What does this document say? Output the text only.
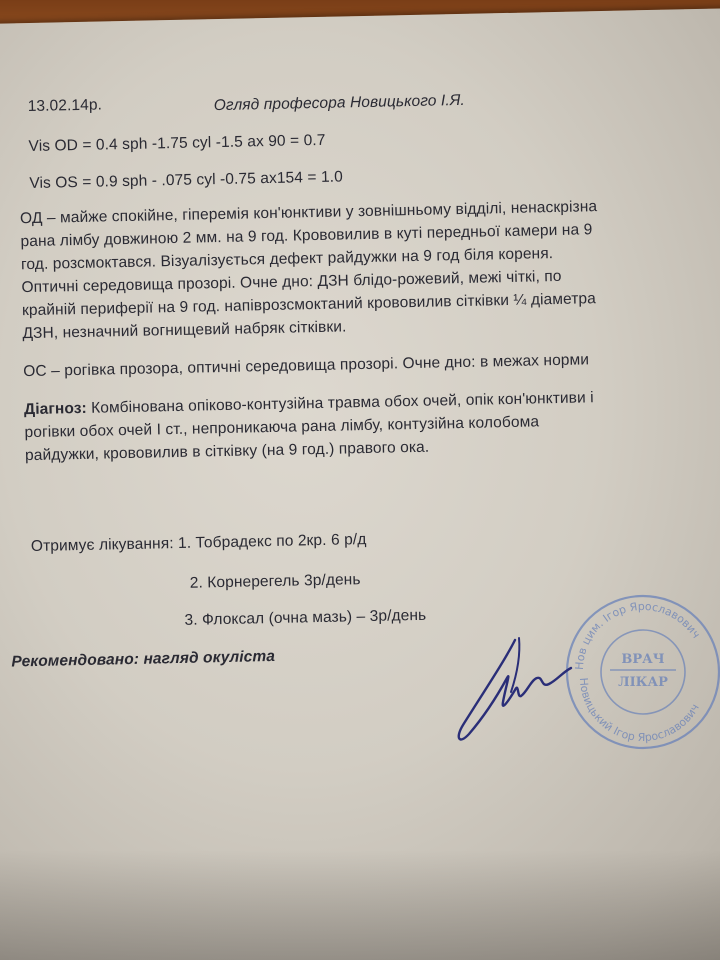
13.02.14р.	Огляд професора Новицького І.Я.
Vis OD = 0.4 sph -1.75 cyl -1.5 ax 90 = 0.7
Vis OS = 0.9 sph - .075 cyl -0.75 ax154 = 1.0
ОД – майже спокійне, гіперемія кон'юнктиви у зовнішньому відділі, ненаскрізна
рана лімбу довжиною 2 мм. на 9 год. Крововилив в куті передньої камери на 9
год. розсмоктався. Візуалізується дефект райдужки на 9 год біля кореня.
Оптичні середовища прозорі. Очне дно: ДЗН блідо-рожевий, межі чіткі, по
крайній периферії на 9 год. напіврозсмоктаний крововилив сітківки ¼ діаметра
ДЗН, незначний вогнищевий набряк сітківки.
ОС – рогівка прозора, оптичні середовища прозорі. Очне дно: в межах норми
Діагноз: Комбінована опіково-контузійна травма обох очей, опік кон'юнктиви і
рогівки обох очей І ст., непроникаюча рана лімбу, контузійна колобома
райдужки, крововилив в сітківку (на 9 год.) правого ока.
Отримує лікування: 1. Тобрадекс по 2кр. 6 р/д
2. Корнерегель 3р/день
3. Флоксал (очна мазь) – 3р/день
Рекомендовано: нагляд окуліста	Нов цим. Ігор Ярославович
Новицький Ігор Ярославович
ВРАЧ
ЛІКАР
